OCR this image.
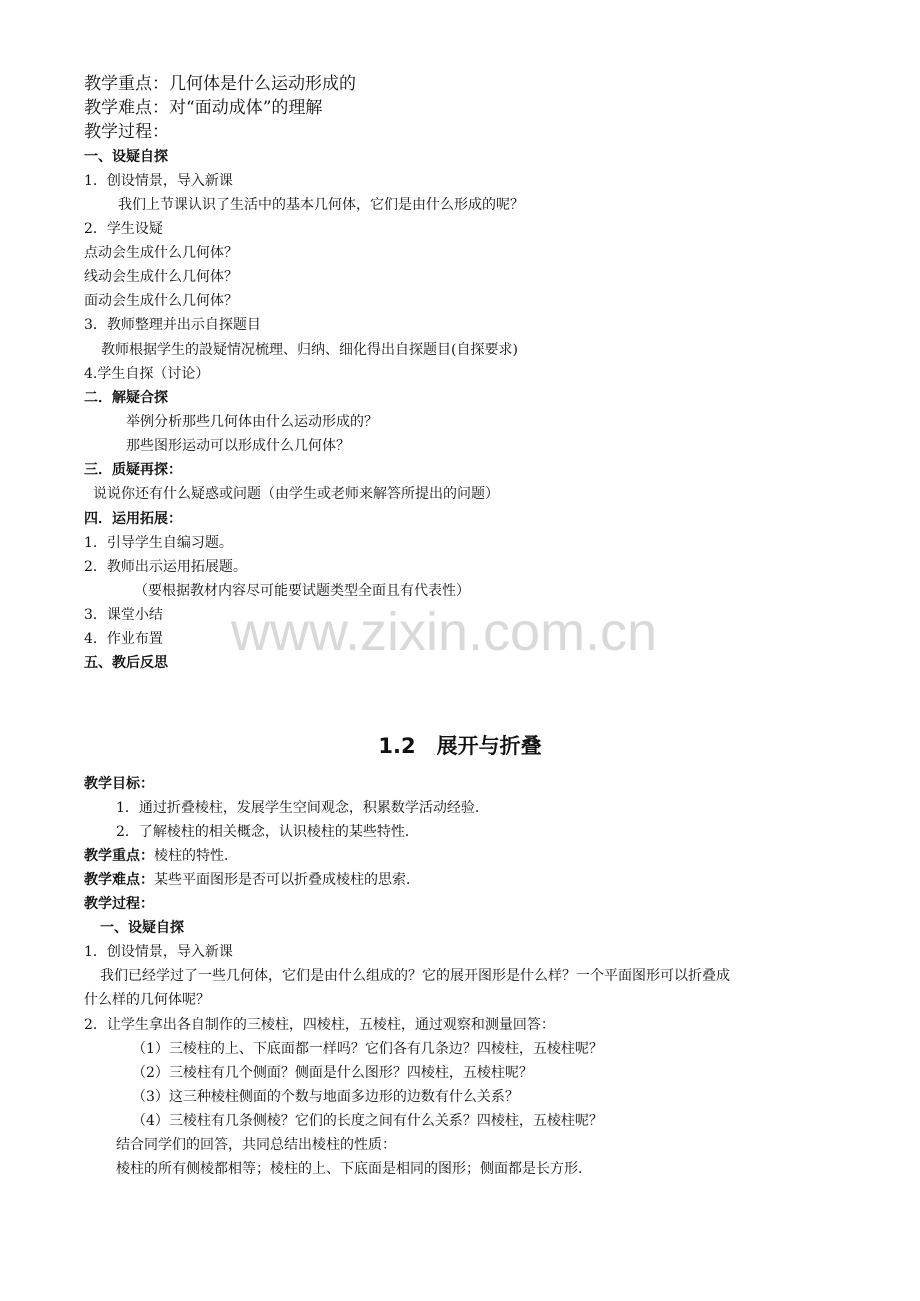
www.zixin.com.cn
教学重点：几何体是什么运动形成的
教学难点：对“面动成体”的理解
教学过程：
一、设疑自探
1．创设情景，导入新课
我们上节课认识了生活中的基本几何体，它们是由什么形成的呢？
2．学生设疑
点动会生成什么几何体？
线动会生成什么几何体？
面动会生成什么几何体？
3．教师整理并出示自探题目
教师根据学生的設疑情况梳理、归纳、细化得出自探题目(自探要求)
4.学生自探（讨论）
二．解疑合探
举例分析那些几何体由什么运动形成的？
那些图形运动可以形成什么几何体？
三．质疑再探：
说说你还有什么疑惑或问题（由学生或老师来解答所提出的问题）
四．运用拓展：
1．引导学生自编习题。
2．教师出示运用拓展题。
（要根据教材内容尽可能要试题类型全面且有代表性）
3．课堂小结
4．作业布置
五、教后反思
1.2　展开与折叠
教学目标：
1．通过折叠棱柱，发展学生空间观念，积累数学活动经验．
2．了解棱柱的相关概念，认识棱柱的某些特性．
教学重点：棱柱的特性．
教学难点：某些平面图形是否可以折叠成棱柱的思索．
教学过程：
一、设疑自探
1．创设情景，导入新课
我们已经学过了一些几何体，它们是由什么组成的？它的展开图形是什么样？一个平面图形可以折叠成
什么样的几何体呢？
2．让学生拿出各自制作的三棱柱，四棱柱，五棱柱，通过观察和测量回答：
（1）三棱柱的上、下底面都一样吗？它们各有几条边？四棱柱，五棱柱呢？
（2）三棱柱有几个侧面？侧面是什么图形？四棱柱，五棱柱呢？
（3）这三种棱柱侧面的个数与地面多边形的边数有什么关系？
（4）三棱柱有几条侧棱？它们的长度之间有什么关系？四棱柱，五棱柱呢？
结合同学们的回答，共同总结出棱柱的性质：
棱柱的所有侧棱都相等；棱柱的上、下底面是相同的图形；侧面都是长方形．
